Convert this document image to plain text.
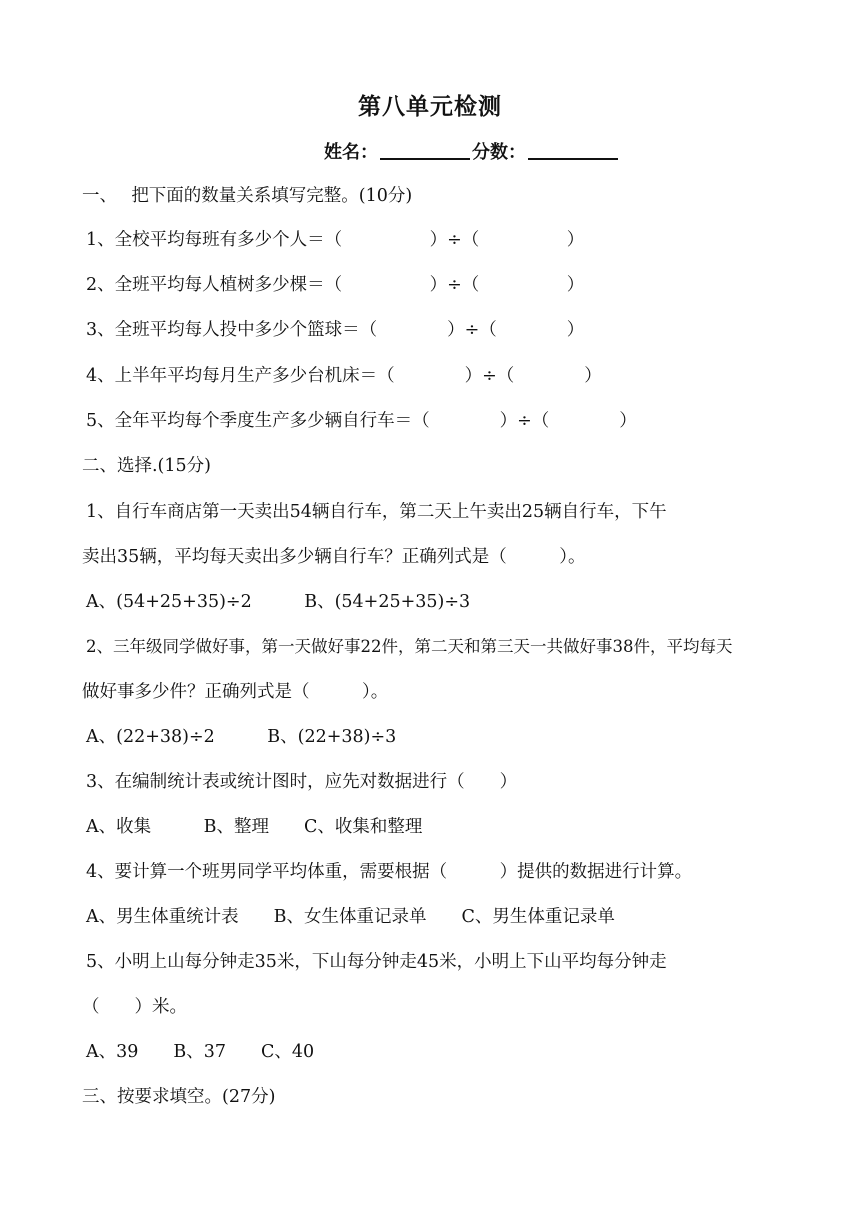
第八单元检测
姓名：	分数：
一、　 把下面的数量关系填写完整。(10分)
1、全校平均每班有多少个人＝（　　　　　）÷（　　　　　）
2、全班平均每人植树多少棵＝（　　　　　）÷（　　　　　）
3、全班平均每人投中多少个篮球＝（　　　　）÷（　　　　）
4、上半年平均每月生产多少台机床＝（　　　　）÷（　　　　）
5、全年平均每个季度生产多少辆自行车＝（　　　　）÷（　　　　）
二、选择.(15分)
1、自行车商店第一天卖出54辆自行车，第二天上午卖出25辆自行车，下午
卖出35辆，平均每天卖出多少辆自行车？正确列式是（　　　）。
A、(54+25+35)÷2　　　B、(54+25+35)÷3
2、三年级同学做好事，第一天做好事22件，第二天和第三天一共做好事38件，平均每天
做好事多少件？正确列式是（　　　）。
A、(22+38)÷2　　　B、(22+38)÷3
3、在编制统计表或统计图时，应先对数据进行（　　）
A、收集　　　B、整理　　C、收集和整理
4、要计算一个班男同学平均体重，需要根据（　　　）提供的数据进行计算。
A、男生体重统计表　　B、女生体重记录单　　C、男生体重记录单
5、小明上山每分钟走35米，下山每分钟走45米，小明上下山平均每分钟走
（　　）米。
A、39　　B、37　　C、40
三、按要求填空。(27分)
